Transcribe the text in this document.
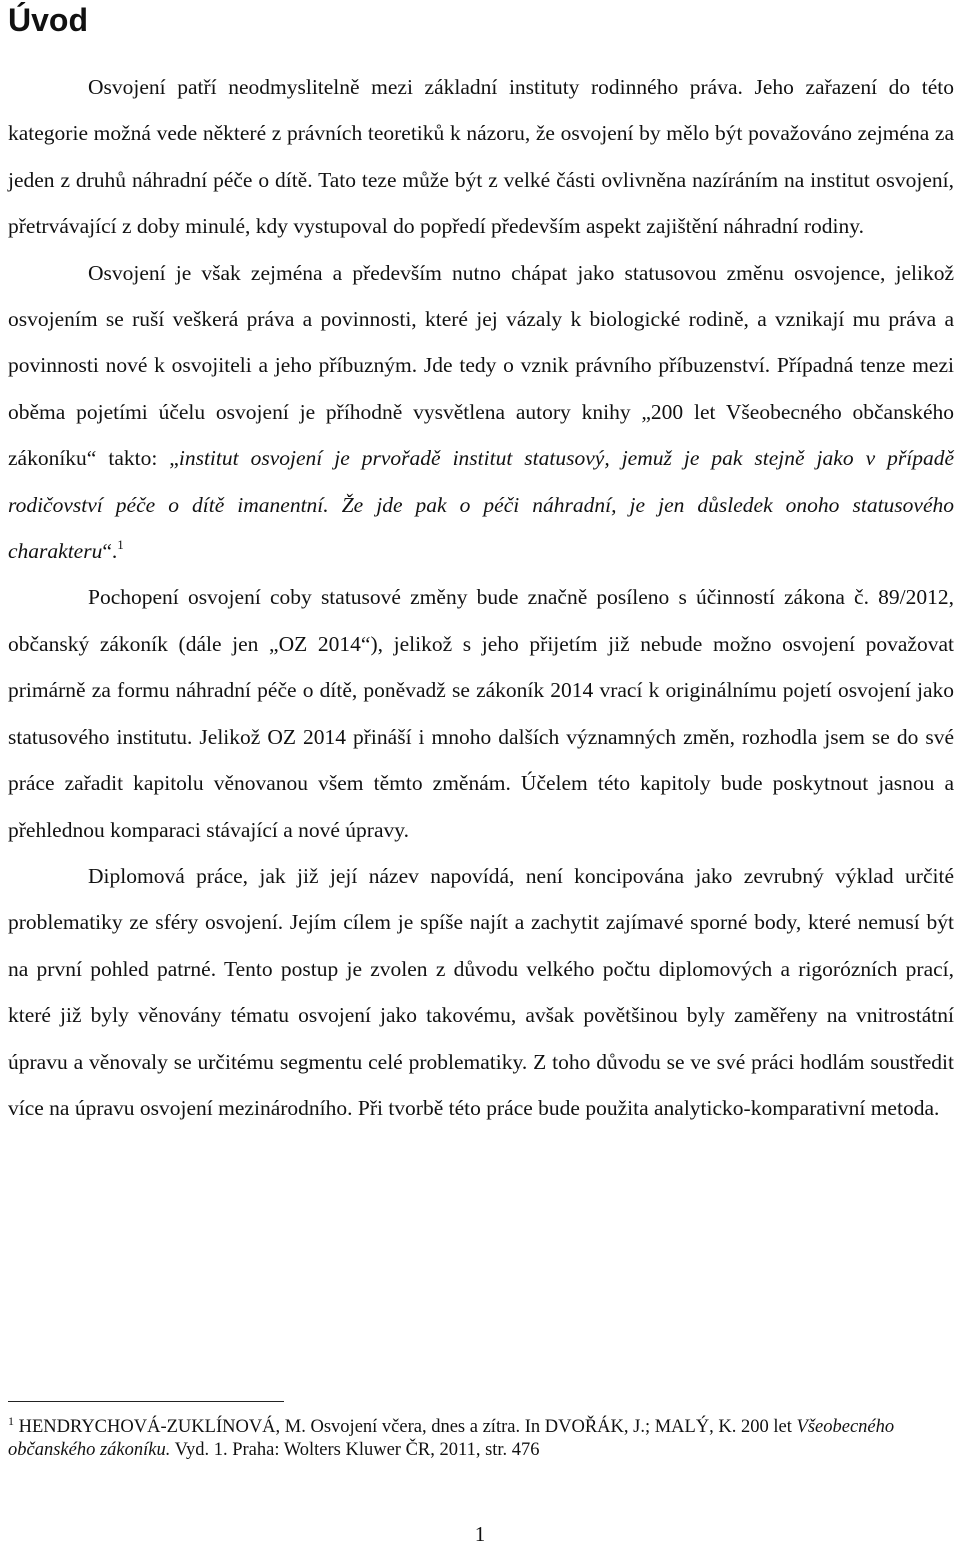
Úvod

Osvojení patří neodmyslitelně mezi základní instituty rodinného práva. Jeho zařazení do této kategorie možná vede některé z právních teoretiků k názoru, že osvojení by mělo být považováno zejména za jeden z druhů náhradní péče o dítě. Tato teze může být z velké části ovlivněna nazíráním na institut osvojení, přetrvávající z doby minulé, kdy vystupoval do popředí především aspekt zajištění náhradní rodiny.

Osvojení je však zejména a především nutno chápat jako statusovou změnu osvojence, jelikož osvojením se ruší veškerá práva a povinnosti, které jej vázaly k biologické rodině, a vznikají mu práva a povinnosti nové k osvojiteli a jeho příbuzným. Jde tedy o vznik právního příbuzenství. Případná tenze mezi oběma pojetími účelu osvojení je příhodně vysvětlena autory knihy „200 let Všeobecného občanského zákoníku“ takto: „institut osvojení je prvořadě institut statusový, jemuž je pak stejně jako v případě rodičovství péče o dítě imanentní. Že jde pak o péči náhradní, je jen důsledek onoho statusového charakteru“.$^1$

Pochopení osvojení coby statusové změny bude značně posíleno s účinností zákona č. 89/2012, občanský zákoník (dále jen „OZ 2014“), jelikož s jeho přijetím již nebude možno osvojení považovat primárně za formu náhradní péče o dítě, poněvadž se zákoník 2014 vrací k originálnímu pojetí osvojení jako statusového institutu. Jelikož OZ 2014 přináší i mnoho dalších významných změn, rozhodla jsem se do své práce zařadit kapitolu věnovanou všem těmto změnám. Účelem této kapitoly bude poskytnout jasnou a přehlednou komparaci stávající a nové úpravy.

Diplomová práce, jak již její název napovídá, není koncipována jako zevrubný výklad určité problematiky ze sféry osvojení. Jejím cílem je spíše najít a zachytit zajímavé sporné body, které nemusí být na první pohled patrné. Tento postup je zvolen z důvodu velkého počtu diplomových a rigorózních prací, které již byly věnovány tématu osvojení jako takovému, avšak povětšinou byly zaměřeny na vnitrostátní úpravu a věnovaly se určitému segmentu celé problematiky. Z toho důvodu se ve své práci hodlám soustředit více na úpravu osvojení mezinárodního. Při tvorbě této práce bude použita analyticko-komparativní metoda.

$^1$ HENDRYCHOVÁ-ZUKLÍNOVÁ, M. Osvojení včera, dnes a zítra. In DVOŘÁK, J.; MALÝ, K. 200 let Všeobecného občanského zákoníku. Vyd. 1. Praha: Wolters Kluwer ČR, 2011, str. 476
1
